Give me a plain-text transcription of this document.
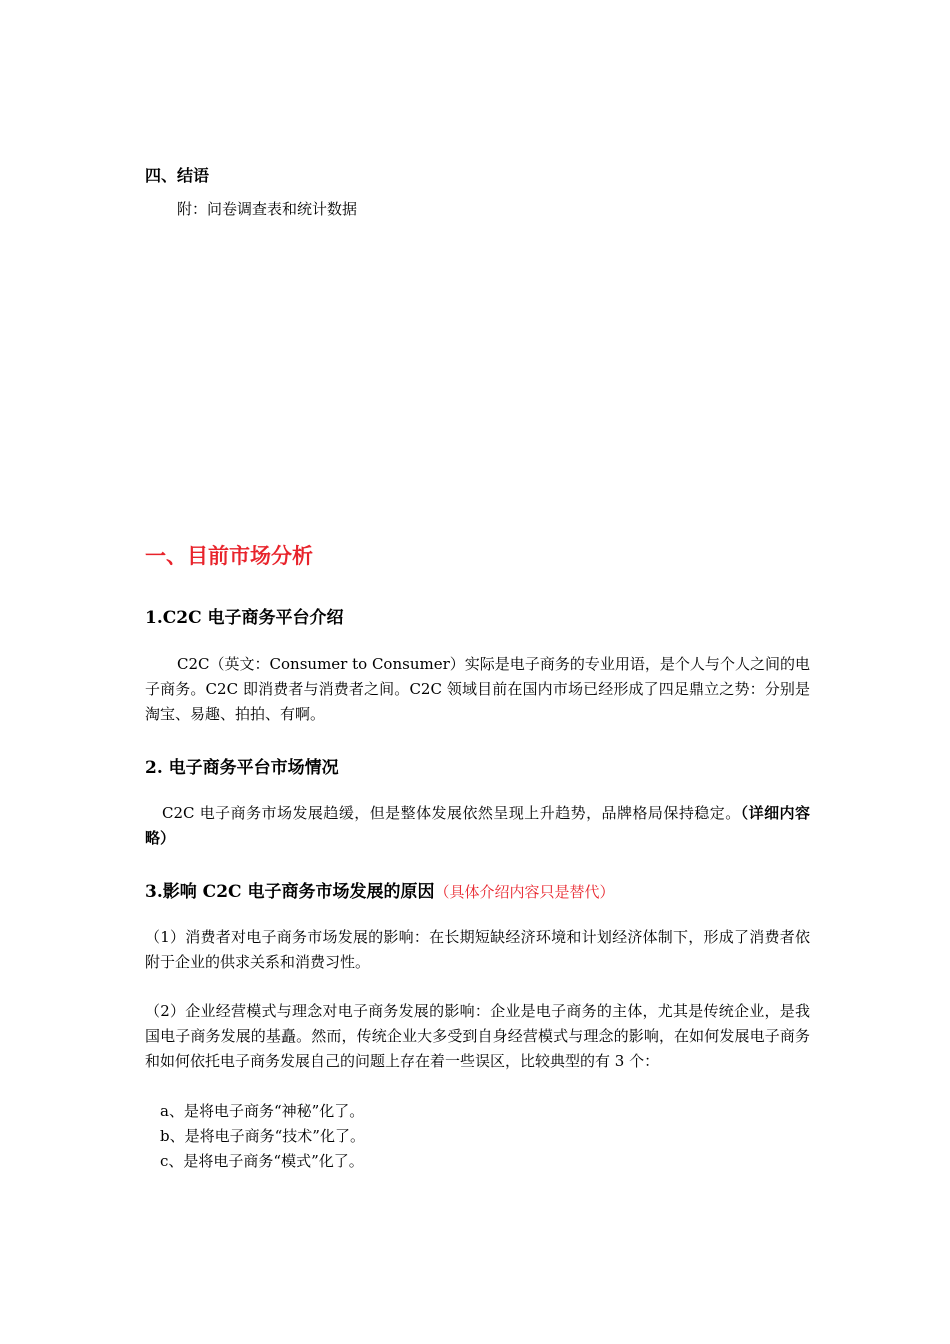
四、结语
附：问卷调查表和统计数据
一、目前市场分析
1.C2C 电子商务平台介绍
C2C（英文：Consumer to Consumer）实际是电子商务的专业用语，是个人与个人之间的电子商务。C2C 即消费者与消费者之间。C2C 领域目前在国内市场已经形成了四足鼎立之势：分别是淘宝、易趣、拍拍、有啊。
2. 电子商务平台市场情况
C2C 电子商务市场发展趋缓，但是整体发展依然呈现上升趋势，品牌格局保持稳定。（详细内容略）
3.影响 C2C 电子商务市场发展的原因（具体介绍内容只是替代）
（1）消费者对电子商务市场发展的影响：在长期短缺经济环境和计划经济体制下，形成了消费者依附于企业的供求关系和消费习性。
（2）企业经营模式与理念对电子商务发展的影响：企业是电子商务的主体，尤其是传统企业，是我国电子商务发展的基矗。然而，传统企业大多受到自身经营模式与理念的影响，在如何发展电子商务和如何依托电子商务发展自己的问题上存在着一些误区，比较典型的有 3 个：
a、是将电子商务“神秘”化了。
b、是将电子商务“技术”化了。
c、是将电子商务“模式”化了。
